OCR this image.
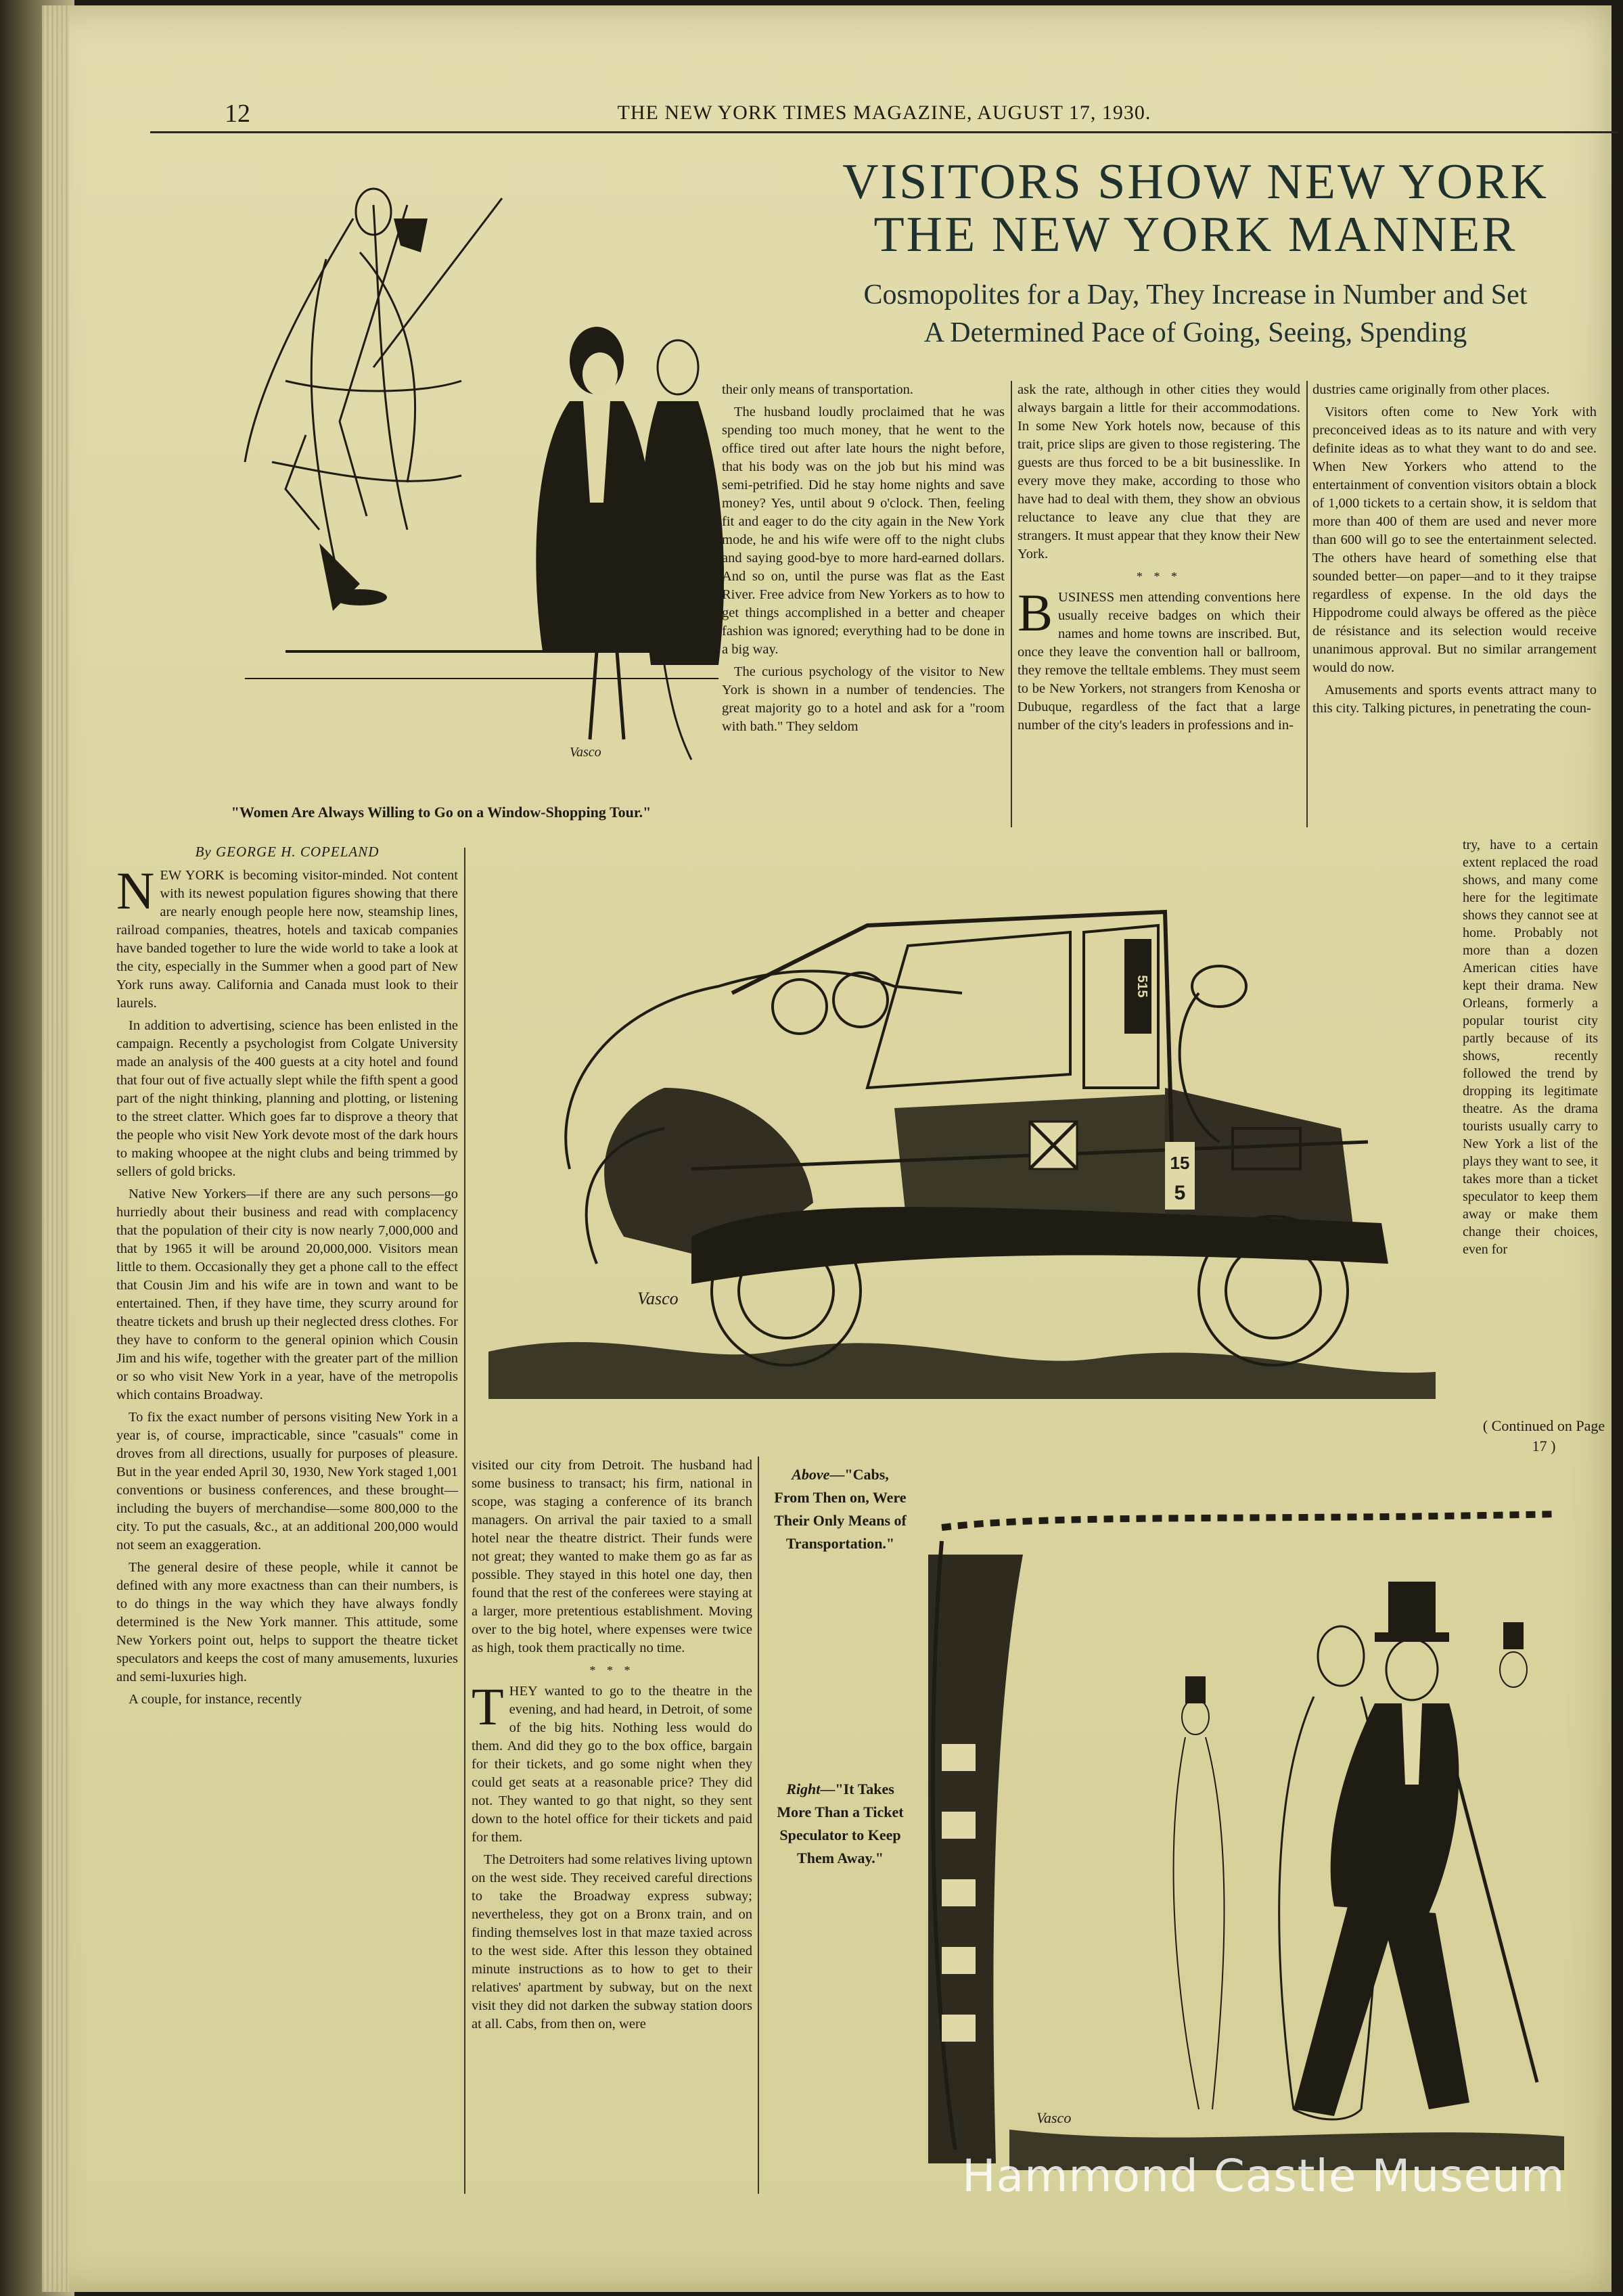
12	THE NEW YORK TIMES MAGAZINE, AUGUST 17, 1930.
VISITORS SHOW NEW YORK
THE NEW YORK MANNER
Cosmopolites for a Day, They Increase in Number and Set
A Determined Pace of Going, Seeing, Spending
Vasco
"Women Are Always Willing to Go on a Window-Shopping Tour."
By GEORGE H. COPELAND

NEW YORK is becoming visitor-minded. Not content with its newest population figures showing that there are nearly enough people here now, steamship lines, railroad companies, theatres, hotels and taxicab companies have banded together to lure the wide world to take a look at the city, especially in the Summer when a good part of New York runs away. California and Canada must look to their laurels.

In addition to advertising, science has been enlisted in the campaign. Recently a psychologist from Colgate University made an analysis of the 400 guests at a city hotel and found that four out of five actually slept while the fifth spent a good part of the night thinking, planning and plotting, or listening to the street clatter. Which goes far to disprove a theory that the people who visit New York devote most of the dark hours to making whoopee at the night clubs and being trimmed by sellers of gold bricks.

Native New Yorkers—if there are any such persons—go hurriedly about their business and read with complacency that the population of their city is now nearly 7,000,000 and that by 1965 it will be around 20,000,000. Visitors mean little to them. Occasionally they get a phone call to the effect that Cousin Jim and his wife are in town and want to be entertained. Then, if they have time, they scurry around for theatre tickets and brush up their neglected dress clothes. For they have to conform to the general opinion which Cousin Jim and his wife, together with the greater part of the million or so who visit New York in a year, have of the metropolis which contains Broadway.

To fix the exact number of persons visiting New York in a year is, of course, impracticable, since "casuals" come in droves from all directions, usually for purposes of pleasure. But in the year ended April 30, 1930, New York staged 1,001 conventions or business conferences, and these brought—including the buyers of merchandise—some 800,000 to the city. To put the casuals, &c., at an additional 200,000 would not seem an exaggeration.

The general desire of these people, while it cannot be defined with any more exactness than can their numbers, is to do things in the way which they have always fondly determined is the New York manner. This attitude, some New Yorkers point out, helps to support the theatre ticket speculators and keeps the cost of many amusements, luxuries and semi-luxuries high.

A couple, for instance, recently

15
5
515
Vasco

their only means of transportation.

The husband loudly proclaimed that he was spending too much money, that he went to the office tired out after late hours the night before, that his body was on the job but his mind was semi-petrified. Did he stay home nights and save money? Yes, until about 9 o'clock. Then, feeling fit and eager to do the city again in the New York mode, he and his wife were off to the night clubs and saying good-bye to more hard-earned dollars. And so on, until the purse was flat as the East River. Free advice from New Yorkers as to how to get things accomplished in a better and cheaper fashion was ignored; everything had to be done in a big way.

The curious psychology of the visitor to New York is shown in a number of tendencies. The great majority go to a hotel and ask for a "room with bath." They seldom

ask the rate, although in other cities they would always bargain a little for their accommodations. In some New York hotels now, because of this trait, price slips are given to those registering. The guests are thus forced to be a bit businesslike. In every move they make, according to those who have had to deal with them, they show an obvious reluctance to leave any clue that they are strangers. It must appear that they know their New York.

* * *

BUSINESS men attending conventions here usually receive badges on which their names and home towns are inscribed. But, once they leave the convention hall or ballroom, they remove the telltale emblems. They must seem to be New Yorkers, not strangers from Kenosha or Dubuque, regardless of the fact that a large number of the city's leaders in professions and in-

dustries came originally from other places.

Visitors often come to New York with preconceived ideas as to its nature and with very definite ideas as to what they want to do and see. When New Yorkers who attend to the entertainment of convention visitors obtain a block of 1,000 tickets to a certain show, it is seldom that more than 400 of them are used and never more than 600 will go to see the entertainment selected. The others have heard of something else that sounded better—on paper—and to it they traipse regardless of expense. In the old days the Hippodrome could always be offered as the pièce de résistance and its selection would receive unanimous approval. But no similar arrangement would do now.

Amusements and sports events attract many to this city. Talking pictures, in penetrating the coun-

try, have to a certain extent replaced the road shows, and many come here for the legitimate shows they cannot see at home. Probably not more than a dozen American cities have kept their drama. New Orleans, formerly a popular tourist city partly because of its shows, recently followed the trend by dropping its legitimate theatre. As the drama tourists usually carry to New York a list of the plays they want to see, it takes more than a ticket speculator to keep them away or make them change their choices, even for

( Continued on Page 17 )

visited our city from Detroit. The husband had some business to transact; his firm, national in scope, was staging a conference of its branch managers. On arrival the pair taxied to a small hotel near the theatre district. Their funds were not great; they wanted to make them go as far as possible. They stayed in this hotel one day, then found that the rest of the conferees were staying at a larger, more pretentious establishment. Moving over to the big hotel, where expenses were twice as high, took them practically no time.

* * *

THEY wanted to go to the theatre in the evening, and had heard, in Detroit, of some of the big hits. Nothing less would do them. And did they go to the box office, bargain for their tickets, and go some night when they could get seats at a reasonable price? They did not. They wanted to go that night, so they sent down to the hotel office for their tickets and paid for them.

The Detroiters had some relatives living uptown on the west side. They received careful directions to take the Broadway express subway; nevertheless, they got on a Bronx train, and on finding themselves lost in that maze taxied across to the west side. After this lesson they obtained minute instructions as to how to get to their relatives' apartment by subway, but on the next visit they did not darken the subway station doors at all. Cabs, from then on, were

Above—"Cabs, From Then on, Were Their Only Means of Transportation."
Right—"It Takes More Than a Ticket Speculator to Keep Them Away."
Vasco
Hammond Castle Museum
